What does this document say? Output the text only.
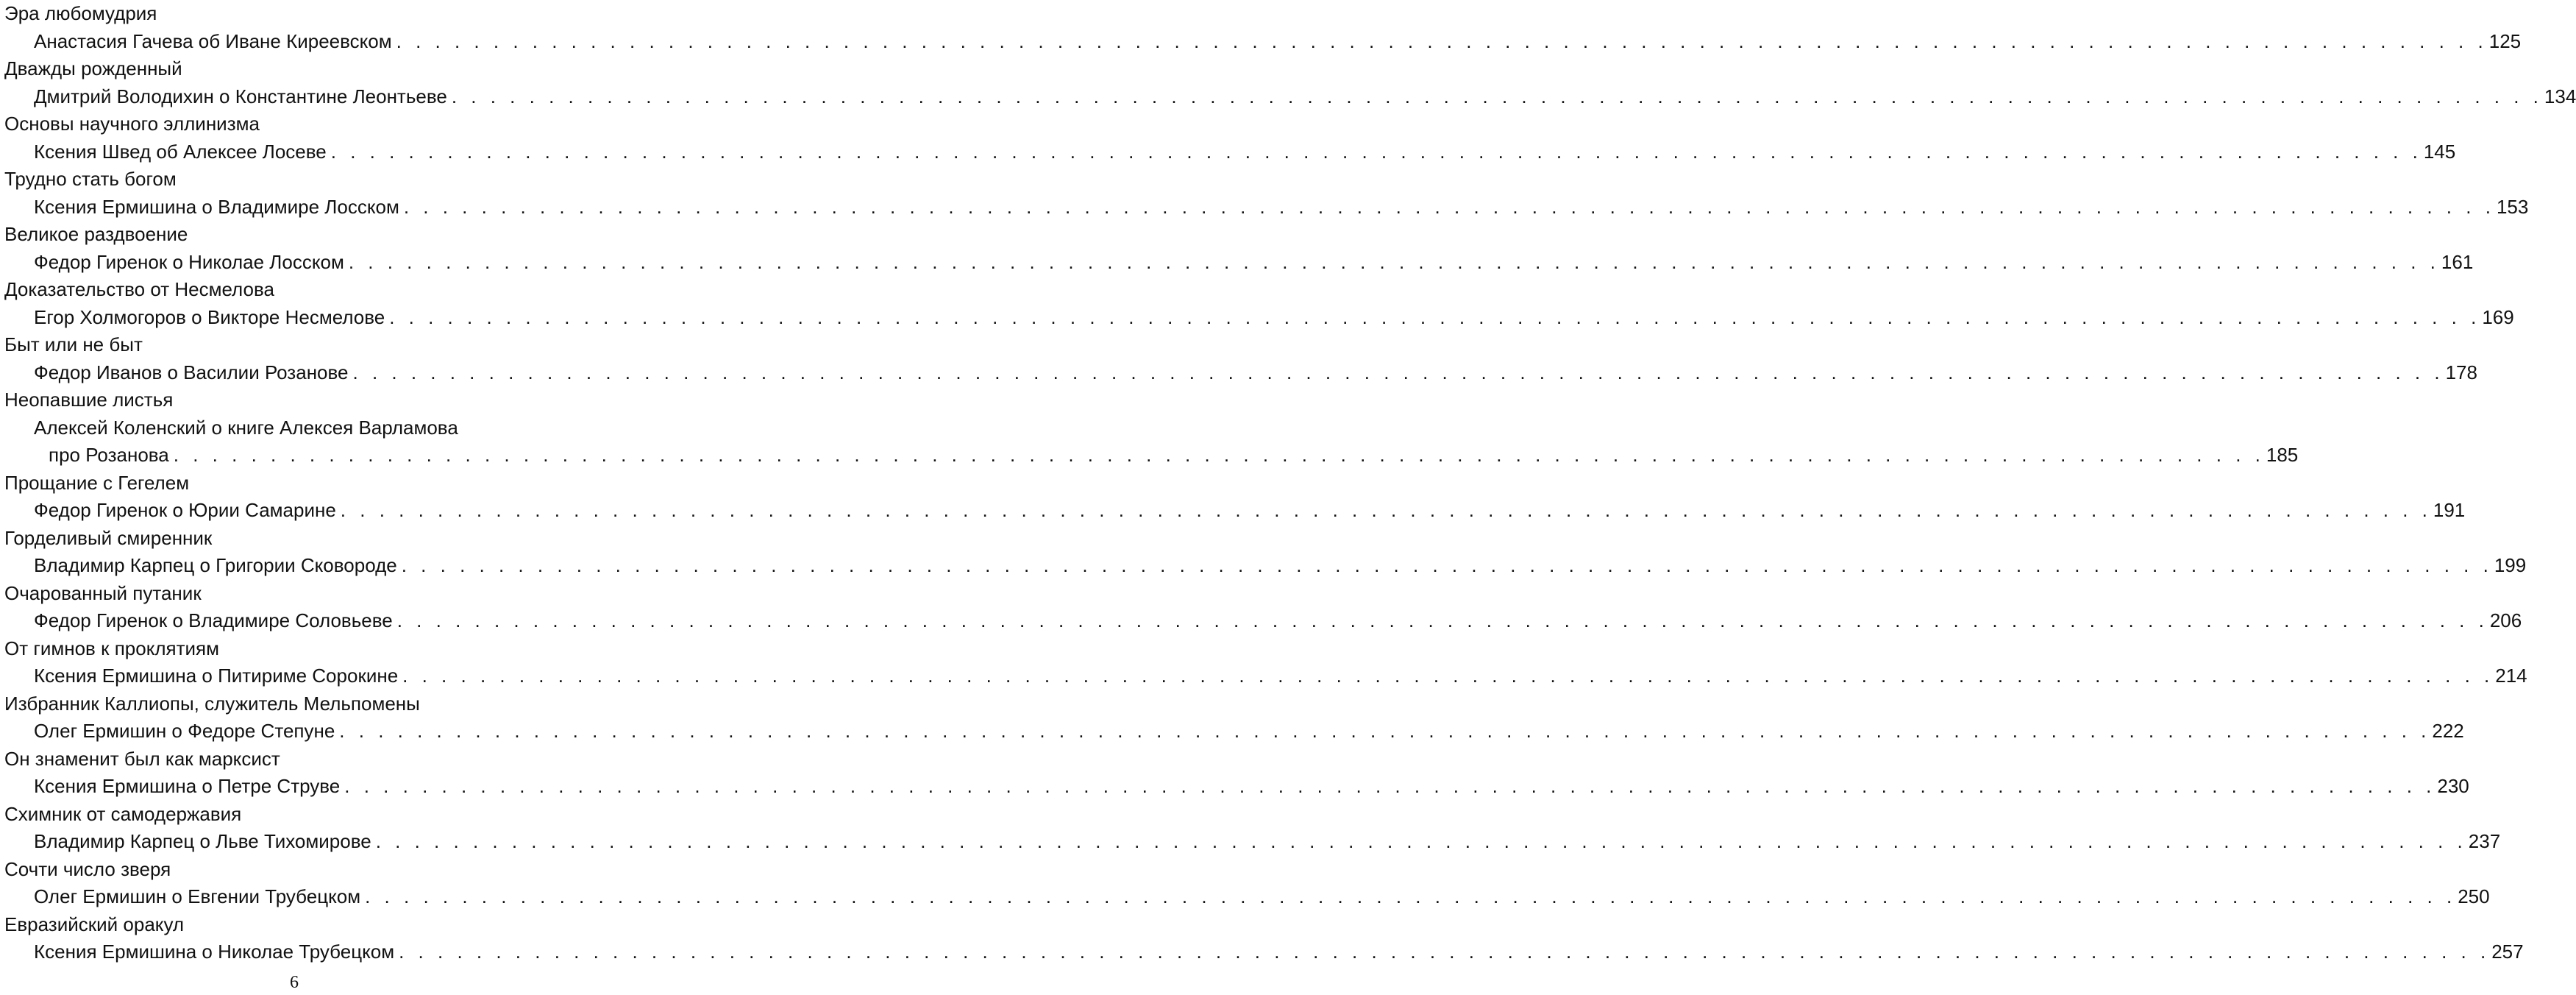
Эра любомудрия
Анастасия Гачева об Иване Киреевском . . . . . . . . . . . . . . . . . . . . . . . . . . . . . . . . . . . . . . . . . . . . . . . . . . . . . . . . . . . . . . . . . . . . . . . . . . . . . . . . . . . . . . . . . . . . . . . . . . . . . . . . . . . . 125
Дважды рожденный
Дмитрий Володихин о Константине Леонтьеве . . . . . . . . . . . . . . . . . . . . . . . . . . . . . . . . . . . . . . . . . . . . . . . . . . . . . . . . . . . . . . . . . . . . . . . . . . . . . . . . . . . . . . . . . . . . . . . . . . . . . . . . . . . . 134
Основы научного эллинизма
Ксения Швед об Алексее Лосеве . . . . . . . . . . . . . . . . . . . . . . . . . . . . . . . . . . . . . . . . . . . . . . . . . . . . . . . . . . . . . . . . . . . . . . . . . . . . . . . . . . . . . . . . . . . . . . . . . . . . . . . . . . . . 145
Трудно стать богом
Ксения Ермишина о Владимире Лосском . . . . . . . . . . . . . . . . . . . . . . . . . . . . . . . . . . . . . . . . . . . . . . . . . . . . . . . . . . . . . . . . . . . . . . . . . . . . . . . . . . . . . . . . . . . . . . . . . . . . . . . . . . . . 153
Великое раздвоение
Федор Гиренок о Николае Лосском . . . . . . . . . . . . . . . . . . . . . . . . . . . . . . . . . . . . . . . . . . . . . . . . . . . . . . . . . . . . . . . . . . . . . . . . . . . . . . . . . . . . . . . . . . . . . . . . . . . . . . . . . . . . 161
Доказательство от Несмелова
Егор Холмогоров о Викторе Несмелове . . . . . . . . . . . . . . . . . . . . . . . . . . . . . . . . . . . . . . . . . . . . . . . . . . . . . . . . . . . . . . . . . . . . . . . . . . . . . . . . . . . . . . . . . . . . . . . . . . . . . . . . . . . . 169
Быт или не быт
Федор Иванов о Василии Розанове . . . . . . . . . . . . . . . . . . . . . . . . . . . . . . . . . . . . . . . . . . . . . . . . . . . . . . . . . . . . . . . . . . . . . . . . . . . . . . . . . . . . . . . . . . . . . . . . . . . . . . . . . . . . 178
Неопавшие листья
Алексей Коленский о книге Алексея Варламова
про Розанова . . . . . . . . . . . . . . . . . . . . . . . . . . . . . . . . . . . . . . . . . . . . . . . . . . . . . . . . . . . . . . . . . . . . . . . . . . . . . . . . . . . . . . . . . . . . . . . . . . . . . . . . . . . . 185
Прощание с Гегелем
Федор Гиренок о Юрии Самарине . . . . . . . . . . . . . . . . . . . . . . . . . . . . . . . . . . . . . . . . . . . . . . . . . . . . . . . . . . . . . . . . . . . . . . . . . . . . . . . . . . . . . . . . . . . . . . . . . . . . . . . . . . . . 191
Горделивый смиренник
Владимир Карпец о Григории Сковороде . . . . . . . . . . . . . . . . . . . . . . . . . . . . . . . . . . . . . . . . . . . . . . . . . . . . . . . . . . . . . . . . . . . . . . . . . . . . . . . . . . . . . . . . . . . . . . . . . . . . . . . . . . . . 199
Очарованный путаник
Федор Гиренок о Владимире Соловьеве . . . . . . . . . . . . . . . . . . . . . . . . . . . . . . . . . . . . . . . . . . . . . . . . . . . . . . . . . . . . . . . . . . . . . . . . . . . . . . . . . . . . . . . . . . . . . . . . . . . . . . . . . . . . 206
От гимнов к проклятиям
Ксения Ермишина о Питириме Сорокине . . . . . . . . . . . . . . . . . . . . . . . . . . . . . . . . . . . . . . . . . . . . . . . . . . . . . . . . . . . . . . . . . . . . . . . . . . . . . . . . . . . . . . . . . . . . . . . . . . . . . . . . . . . . 214
Избранник Каллиопы, служитель Мельпомены
Олег Ермишин о Федоре Степуне . . . . . . . . . . . . . . . . . . . . . . . . . . . . . . . . . . . . . . . . . . . . . . . . . . . . . . . . . . . . . . . . . . . . . . . . . . . . . . . . . . . . . . . . . . . . . . . . . . . . . . . . . . . . 222
Он знаменит был как марксист
Ксения Ермишина о Петре Струве . . . . . . . . . . . . . . . . . . . . . . . . . . . . . . . . . . . . . . . . . . . . . . . . . . . . . . . . . . . . . . . . . . . . . . . . . . . . . . . . . . . . . . . . . . . . . . . . . . . . . . . . . . . . 230
Схимник от самодержавия
Владимир Карпец о Льве Тихомирове . . . . . . . . . . . . . . . . . . . . . . . . . . . . . . . . . . . . . . . . . . . . . . . . . . . . . . . . . . . . . . . . . . . . . . . . . . . . . . . . . . . . . . . . . . . . . . . . . . . . . . . . . . . . 237
Сочти число зверя
Олег Ермишин о Евгении Трубецком . . . . . . . . . . . . . . . . . . . . . . . . . . . . . . . . . . . . . . . . . . . . . . . . . . . . . . . . . . . . . . . . . . . . . . . . . . . . . . . . . . . . . . . . . . . . . . . . . . . . . . . . . . . . 250
Евразийский оракул
Ксения Ермишина о Николае Трубецком . . . . . . . . . . . . . . . . . . . . . . . . . . . . . . . . . . . . . . . . . . . . . . . . . . . . . . . . . . . . . . . . . . . . . . . . . . . . . . . . . . . . . . . . . . . . . . . . . . . . . . . . . . . . 257
6
